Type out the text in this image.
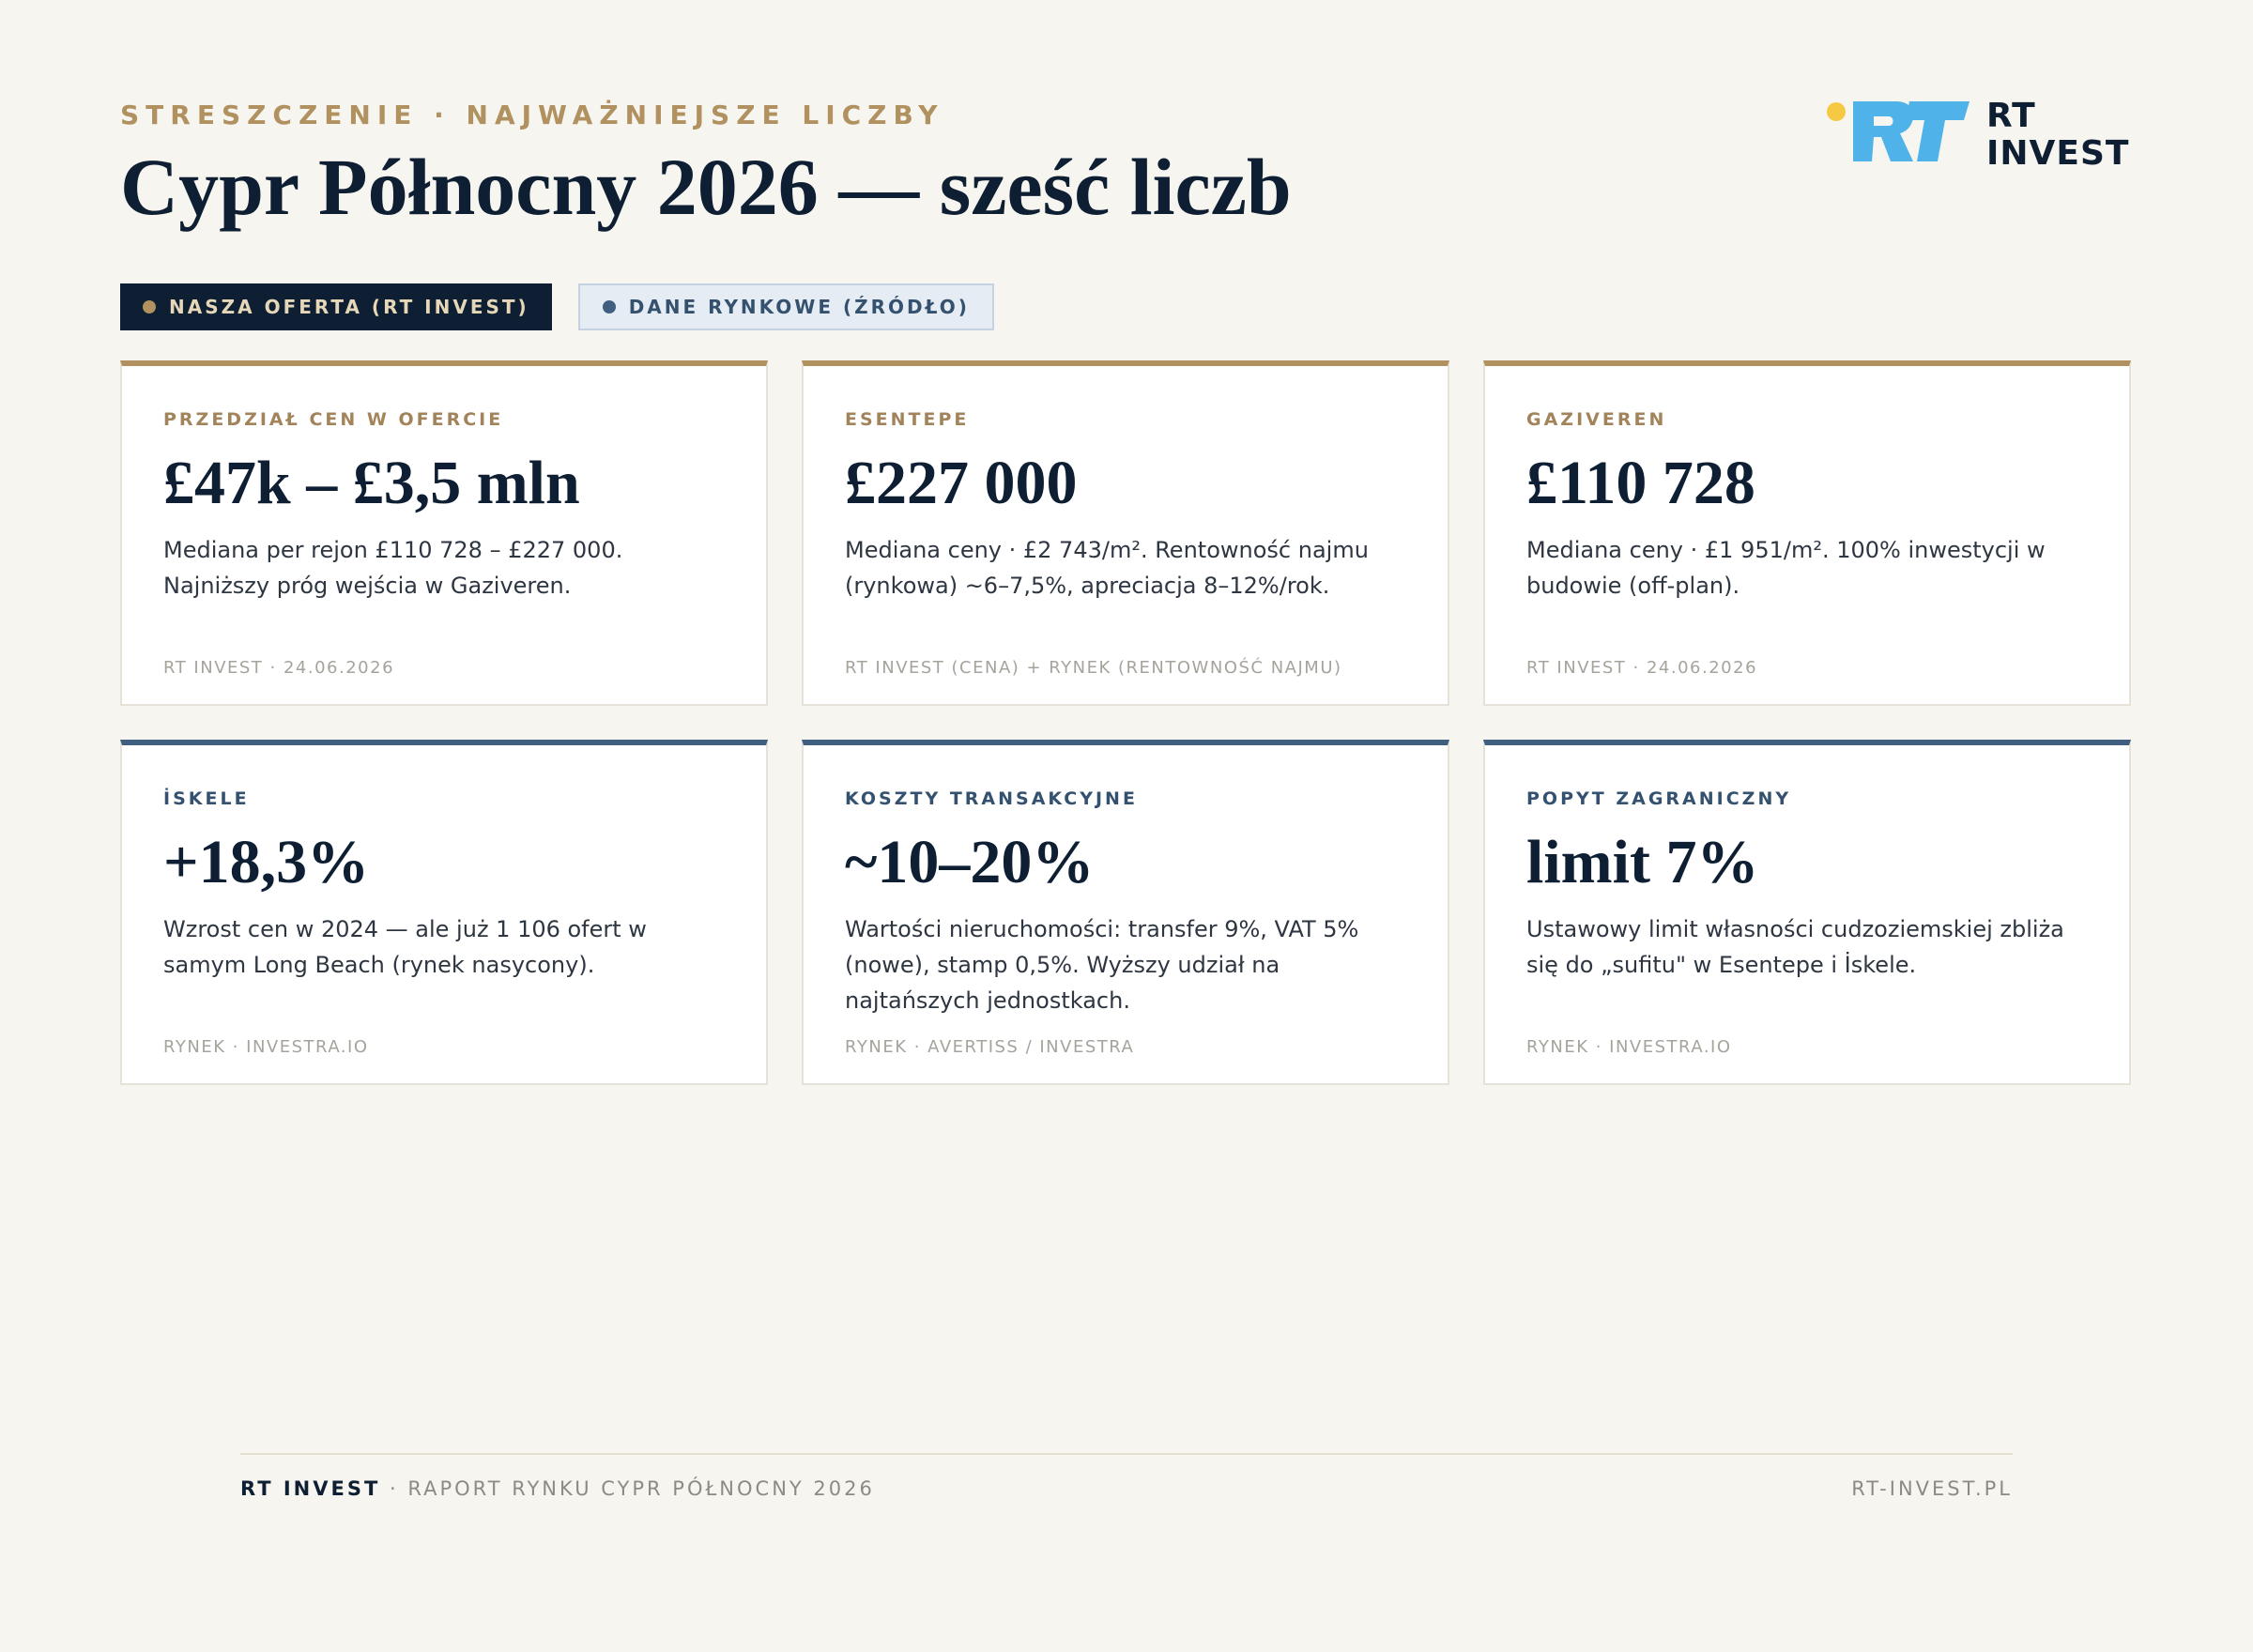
STRESZCZENIE · NAJWAŻNIEJSZE LICZBY
Cypr Północny 2026 — sześć liczb
RT
INVEST
NASZA OFERTA (RT INVEST)	DANE RYNKOWE (ŹRÓDŁO)
PRZEDZIAŁ CEN W OFERCIE
£47k – £3,5 mln
Mediana per rejon £110 728 – £227 000. Najniższy próg wejścia w Gaziveren.
RT INVEST · 24.06.2026
ESENTEPE
£227 000
Mediana ceny · £2 743/m². Rentowność najmu (rynkowa) ~6–7,5%, apreciacja 8–12%/rok.
RT INVEST (CENA) + RYNEK (RENTOWNOŚĆ NAJMU)
GAZIVEREN
£110 728
Mediana ceny · £1 951/m². 100% inwestycji w budowie (off-plan).
RT INVEST · 24.06.2026
İSKELE
+18,3%
Wzrost cen w 2024 — ale już 1 106 ofert w samym Long Beach (rynek nasycony).
RYNEK · INVESTRA.IO
KOSZTY TRANSAKCYJNE
~10–20%
Wartości nieruchomości: transfer 9%, VAT 5% (nowe), stamp 0,5%. Wyższy udział na najtańszych jednostkach.
RYNEK · AVERTISS / INVESTRA
POPYT ZAGRANICZNY
limit 7%
Ustawowy limit własności cudzoziemskiej zbliża się do „sufitu" w Esentepe i İskele.
RYNEK · INVESTRA.IO
RT INVEST · RAPORT RYNKU CYPR PÓŁNOCNY 2026	RT-INVEST.PL
